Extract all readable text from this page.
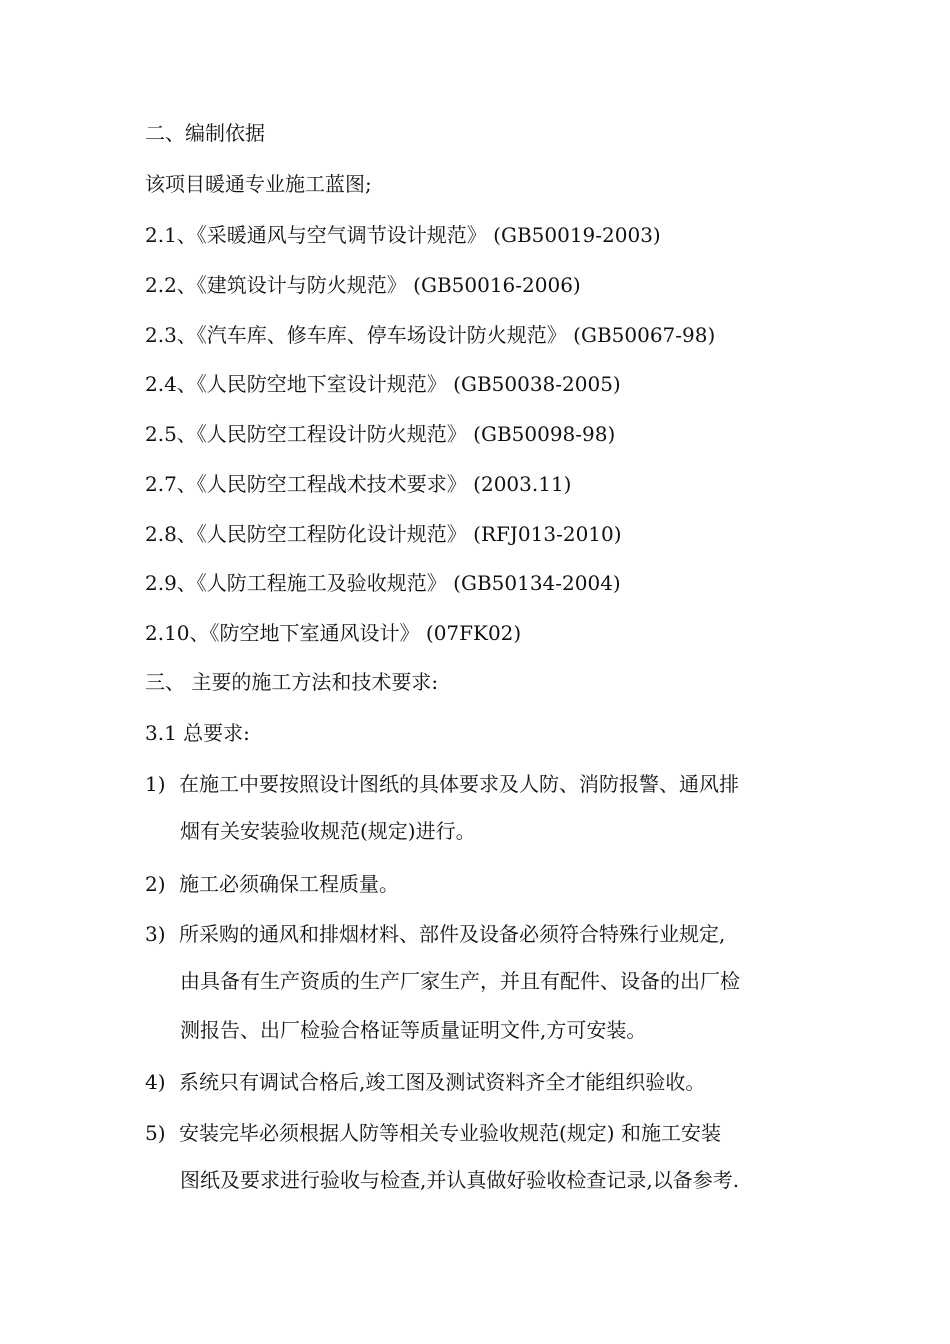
二、编制依据
该项目暖通专业施工蓝图;
2.1、《采暖通风与空气调节设计规范》 (GB50019-2003)
2.2、《建筑设计与防火规范》 (GB50016-2006)
2.3、《汽车库、修车库、停车场设计防火规范》 (GB50067-98)
2.4、《人民防空地下室设计规范》 (GB50038-2005)
2.5、《人民防空工程设计防火规范》 (GB50098-98)
2.7、《人民防空工程战术技术要求》 (2003.11)
2.8、《人民防空工程防化设计规范》 (RFJ013-2010)
2.9、《人防工程施工及验收规范》 (GB50134-2004)
2.10、《防空地下室通风设计》 (07FK02)
三、 主要的施工方法和技术要求:
3.1 总要求:
1) 在施工中要按照设计图纸的具体要求及人防、消防报警、通风排
烟有关安装验收规范(规定)进行。
2) 施工必须确保工程质量。
3) 所采购的通风和排烟材料、部件及设备必须符合特殊行业规定,
由具备有生产资质的生产厂家生产，并且有配件、设备的出厂检
测报告、出厂检验合格证等质量证明文件,方可安装。
4) 系统只有调试合格后,竣工图及测试资料齐全才能组织验收。
5) 安装完毕必须根据人防等相关专业验收规范(规定) 和施工安装
图纸及要求进行验收与检查,并认真做好验收检查记录,以备参考.
